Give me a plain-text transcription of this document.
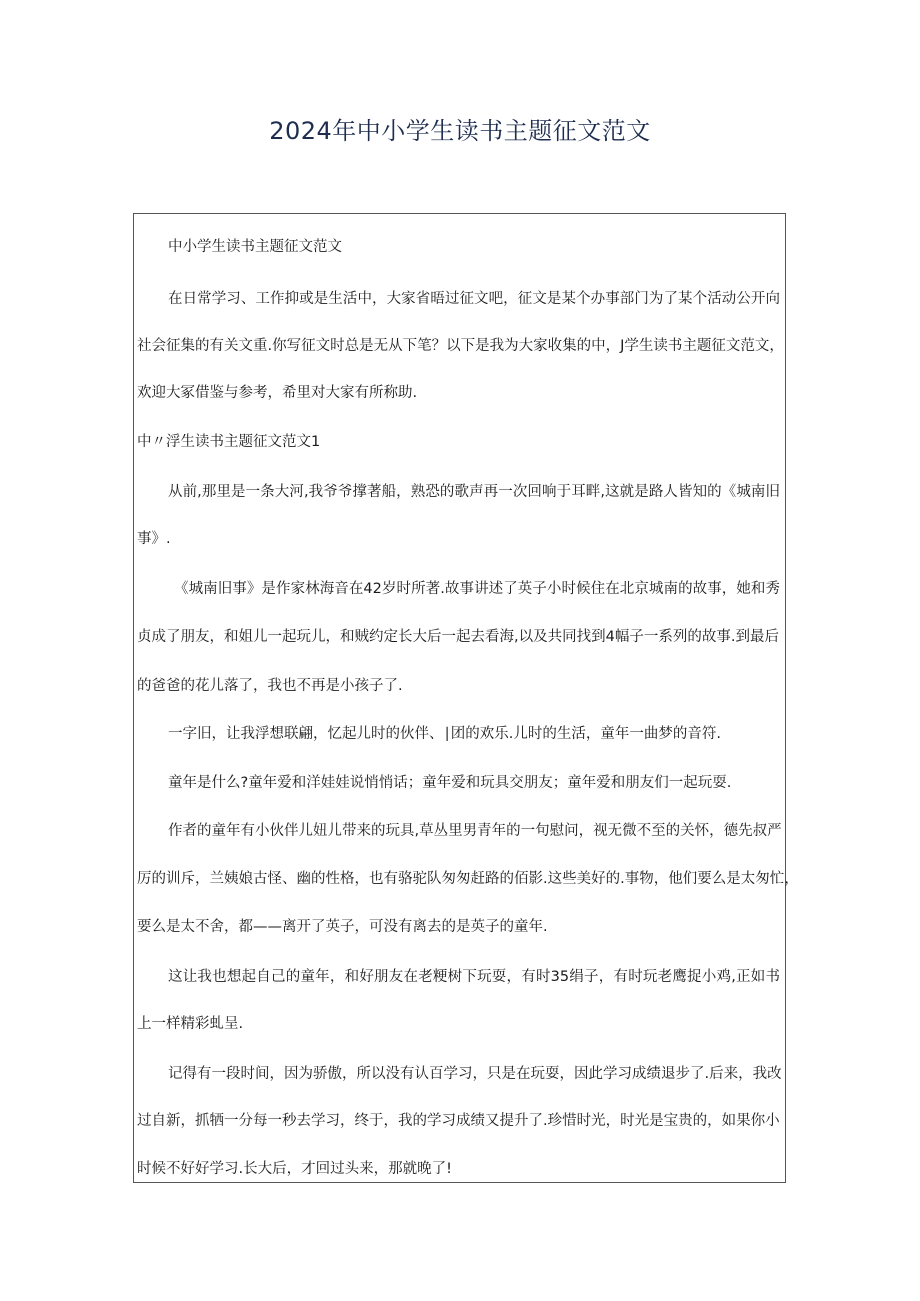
2024年中小学生读书主题征文范文
中小学生读书主题征文范文
在日常学习、工作抑或是生活中，大家省晤过征文吧，征文是某个办事部门为了某个活动公开向
社会征集的有关文重.你写征文时总是无从下笔？以下是我为大家收集的中，J学生读书主题征文范文，
欢迎大冢借鉴与参考，希里对大家有所称助.
中〃浮生读书主题征文范文1
从前,那里是一条大河,我爷爷撑著船，熟恐的歌声再一次回响于耳畔,这就是路人皆知的《城南旧
事》.
《城南旧事》是作家林海音在42岁时所著.故事讲述了英子小时候住在北京城南的故事，她和秀
贞成了朋友，和姐儿一起玩儿，和贼约定长大后一起去看海,以及共同找到4幅子一系列的故事.到最后
的爸爸的花儿落了，我也不再是小孩子了.
一字旧，让我浮想联翩，忆起儿时的伙伴、∣团的欢乐.儿时的生活，童年一曲梦的音符.
童年是什么?童年爱和洋娃娃说悄悄话；童年爱和玩具交朋友；童年爱和朋友们一起玩耍.
作者的童年有小伙伴儿妞儿带来的玩具,草丛里男青年的一句慰问，视无微不至的关怀，德先叔严
厉的训斥，兰姨娘古怪、幽的性格，也有骆驼队匆匆赶路的佰影.这些美好的.事物，他们要么是太匆忙，
要么是太不舍，都——离开了英子，可没有离去的是英子的童年.
这让我也想起自己的童年，和好朋友在老粳树下玩耍，有时35绢子，有时玩老鹰捉小鸡,正如书
上一样精彩虬呈.
记得有一段时间，因为骄傲，所以没有认百学习，只是在玩耍，因此学习成绩退步了.后来，我改
过自新，抓牺一分每一秒去学习，终于，我的学习成绩又提升了.珍惜时光，时光是宝贵的，如果你小
时候不好好学习.长大后，才回过头来，那就晚了!
